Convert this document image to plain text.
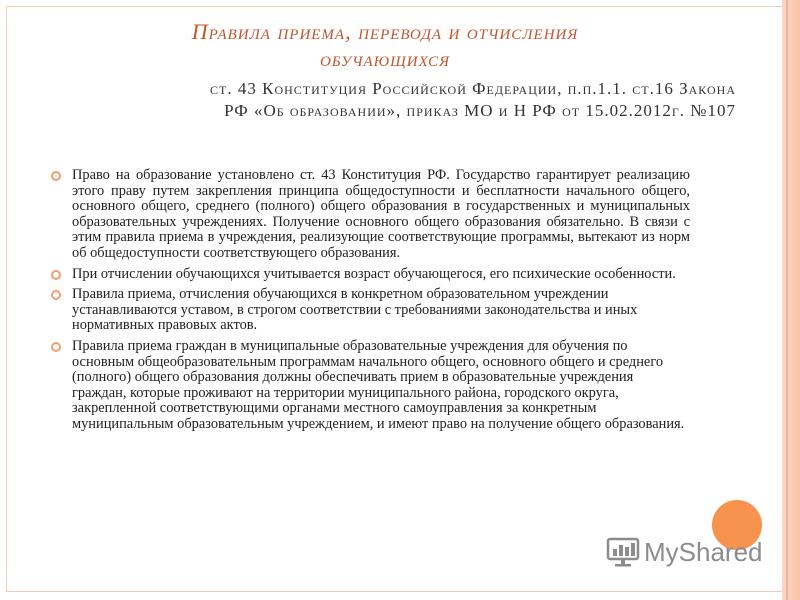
Правила приема, перевода и отчисления
обучающихся
ст. 43 Конституция Российской Федерации, п.п.1.1. ст.16 Закона
РФ «Об образовании», приказ МО и Н РФ от 15.02.2012г. №107
Право на образование установлено ст. 43 Конституция РФ. Государство гарантирует реализацию этого праву путем закрепления принципа общедоступности и бесплатности начального общего, основного общего, среднего (полного) общего образования в государственных и муниципальных образовательных учреждениях. Получение основного общего образования обязательно. В связи с этим правила приема в учреждения, реализующие соответствующие программы, вытекают из норм об общедоступности соответствующего образования.
При отчислении обучающихся учитывается возраст обучающегося, его психические особенности.
Правила приема, отчисления обучающихся в конкретном образовательном учреждении устанавливаются уставом, в строгом соответствии с требованиями законодательства и иных нормативных правовых актов.
Правила приема граждан в муниципальные образовательные учреждения для обучения по основным общеобразовательным программам начального общего, основного общего и среднего (полного) общего образования должны обеспечивать прием в образовательные учреждения граждан, которые проживают на территории муниципального района, городского округа, закрепленной соответствующими органами местного самоуправления за конкретным муниципальным образовательным учреждением, и имеют право на получение общего образования.
MyShared
